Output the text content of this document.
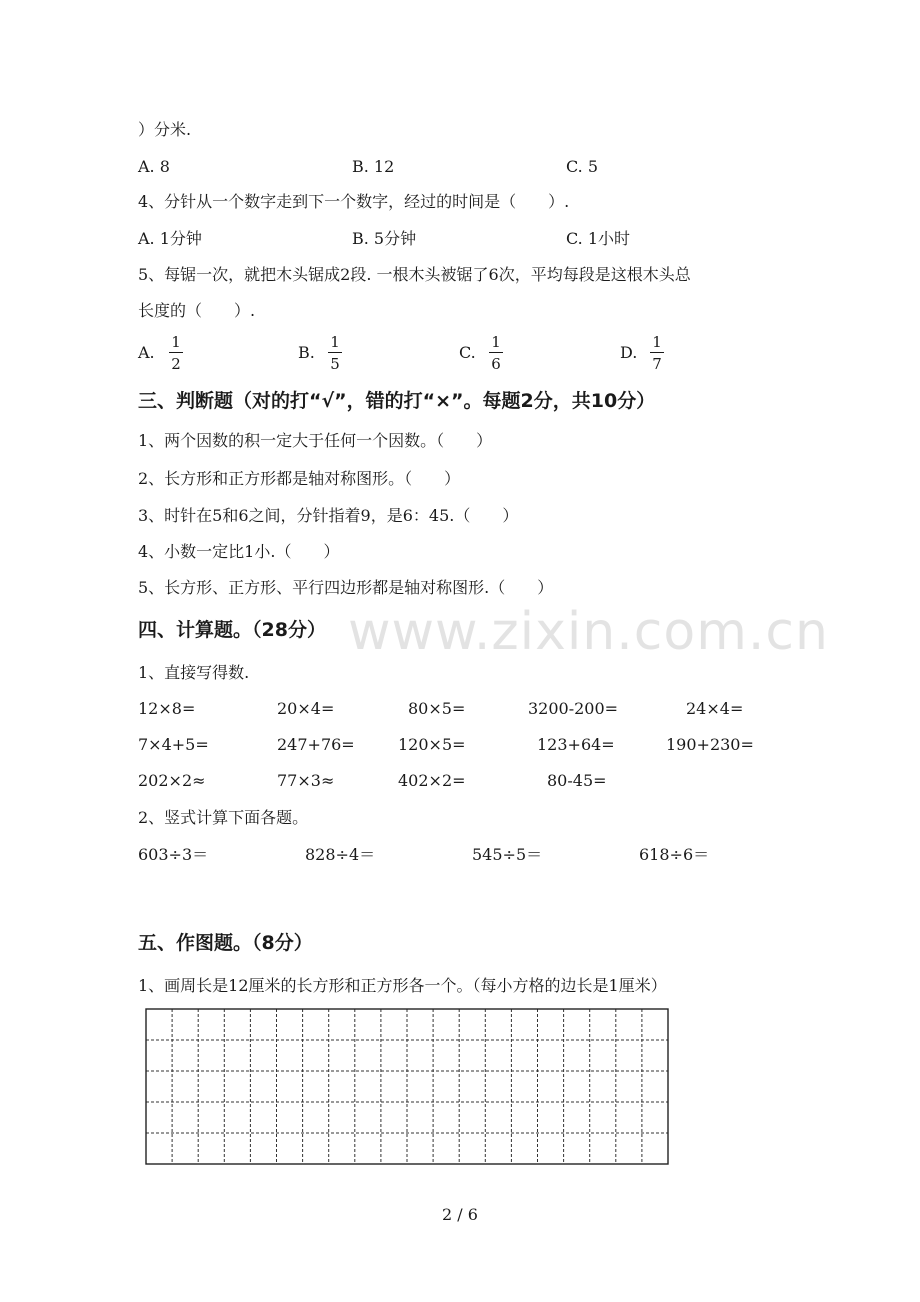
www.zixin.com.cn
）分米.
A. 8	B. 12	C. 5
4、分针从一个数字走到下一个数字，经过的时间是（　　）.
A. 1分钟	B. 5分钟	C. 1小时
5、每锯一次，就把木头锯成2段. 一根木头被锯了6次，平均每段是这根木头总
长度的（　　）.
A. $\frac{1}{2}$	B. $\frac{1}{5}$	C. $\frac{1}{6}$	D. $\frac{1}{7}$
三、判断题（对的打“√”，错的打“×”。每题2分，共10分）
1、两个因数的积一定大于任何一个因数。（　　）
2、长方形和正方形都是轴对称图形。（　　）
3、时针在5和6之间，分针指着9，是6：45.（　　）
4、小数一定比1小.（　　）
5、长方形、正方形、平行四边形都是轴对称图形.（　　）
四、计算题。（28分）
1、直接写得数.
12×8=	20×4=	80×5=	3200-200=	24×4=
7×4+5=	247+76=	120×5=	123+64=	190+230=
202×2≈	77×3≈	402×2=	80-45=
2、竖式计算下面各题。
603÷3＝	828÷4＝	545÷5＝	618÷6＝
五、作图题。（8分）
1、画周长是12厘米的长方形和正方形各一个。（每小方格的边长是1厘米）
2 / 6
